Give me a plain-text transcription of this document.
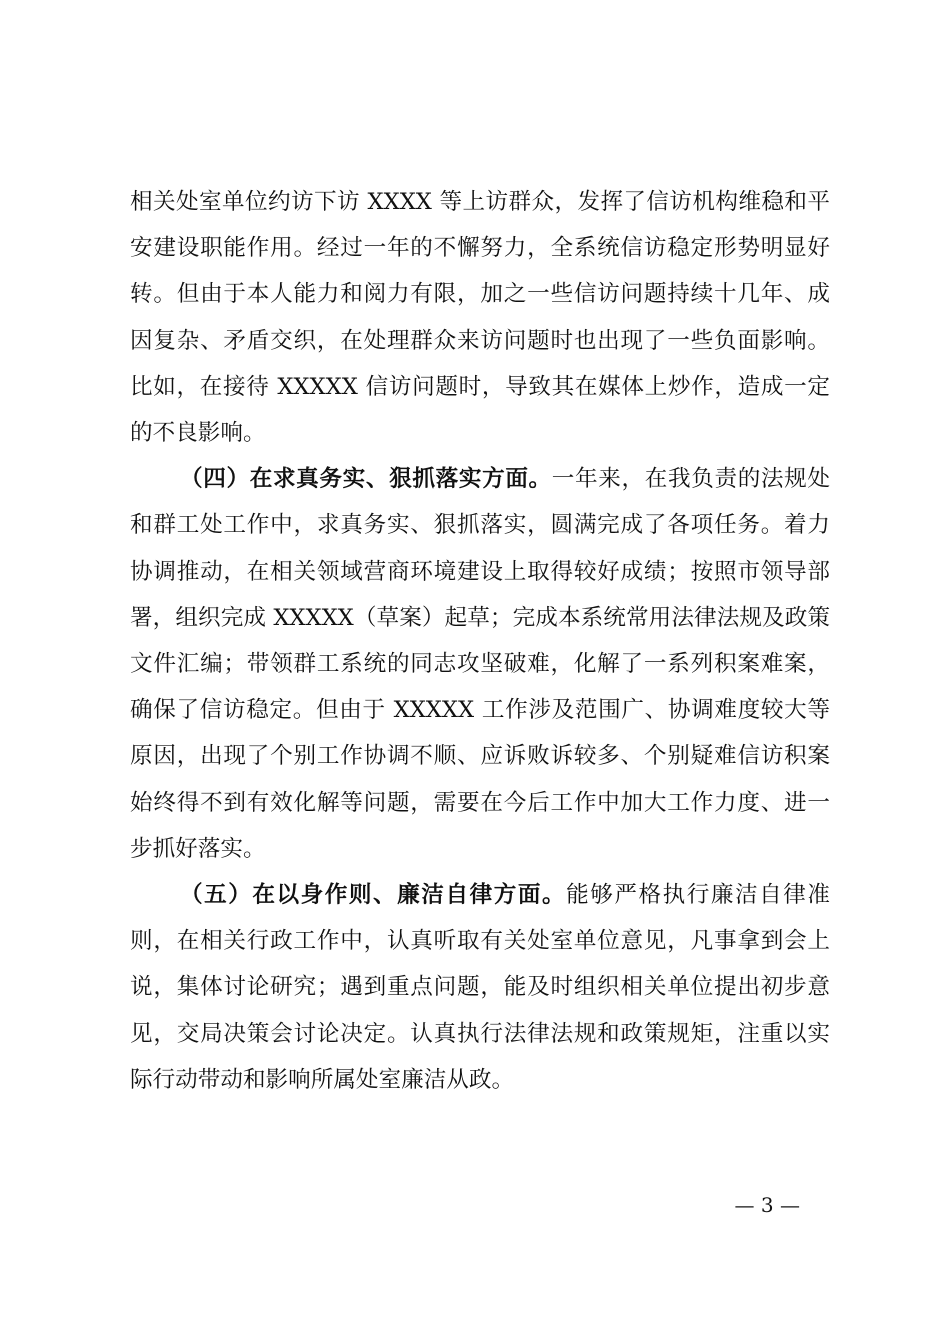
相关处室单位约访下访 XXXX 等上访群众，发挥了信访机构维稳和平安建设职能作用。经过一年的不懈努力，全系统信访稳定形势明显好转。但由于本人能力和阅力有限，加之一些信访问题持续十几年、成因复杂、矛盾交织，在处理群众来访问题时也出现了一些负面影响。比如，在接待 XXXXX 信访问题时，导致其在媒体上炒作，造成一定的不良影响。

（四）在求真务实、狠抓落实方面。一年来，在我负责的法规处和群工处工作中，求真务实、狠抓落实，圆满完成了各项任务。着力协调推动，在相关领域营商环境建设上取得较好成绩；按照市领导部署，组织完成 XXXXX（草案）起草；完成本系统常用法律法规及政策文件汇编；带领群工系统的同志攻坚破难，化解了一系列积案难案，确保了信访稳定。但由于 XXXXX 工作涉及范围广、协调难度较大等原因，出现了个别工作协调不顺、应诉败诉较多、个别疑难信访积案始终得不到有效化解等问题，需要在今后工作中加大工作力度、进一步抓好落实。

（五）在以身作则、廉洁自律方面。能够严格执行廉洁自律准则，在相关行政工作中，认真听取有关处室单位意见，凡事拿到会上说，集体讨论研究；遇到重点问题，能及时组织相关单位提出初步意见，交局决策会讨论决定。认真执行法律法规和政策规矩，注重以实际行动带动和影响所属处室廉洁从政。

— 3 —
